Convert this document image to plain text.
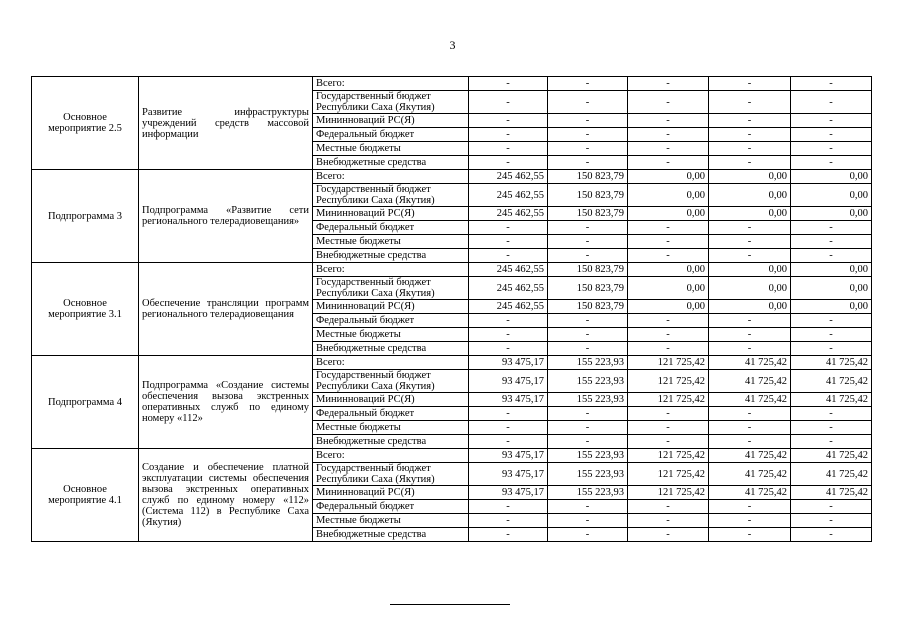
3
Основное мероприятие 2.5	Развитие инфраструктуры учреждений средств массовой информации	Всего:	-	-	-	-	-
		Государственный бюджет Республики Саха (Якутия)	-	-	-	-	-
		Мининноваций РС(Я)	-	-	-	-	-
		Федеральный бюджет	-	-	-	-	-
		Местные бюджеты	-	-	-	-	-
		Внебюджетные средства	-	-	-	-	-
Подпрограмма 3	Подпрограмма «Развитие сети регионального телерадиовещания»	Всего:	245 462,55	150 823,79	0,00	0,00	0,00
		Государственный бюджет Республики Саха (Якутия)	245 462,55	150 823,79	0,00	0,00	0,00
		Мининноваций РС(Я)	245 462,55	150 823,79	0,00	0,00	0,00
		Федеральный бюджет	-	-	-	-	-
		Местные бюджеты	-	-	-	-	-
		Внебюджетные средства	-	-	-	-	-
Основное мероприятие 3.1	Обеспечение трансляции программ регионального телерадиовещания	Всего:	245 462,55	150 823,79	0,00	0,00	0,00
		Государственный бюджет Республики Саха (Якутия)	245 462,55	150 823,79	0,00	0,00	0,00
		Мининноваций РС(Я)	245 462,55	150 823,79	0,00	0,00	0,00
		Федеральный бюджет	-	-	-	-	-
		Местные бюджеты	-	-	-	-	-
		Внебюджетные средства	-	-	-	-	-
Подпрограмма 4	Подпрограмма «Создание системы обеспечения вызова экстренных оперативных служб по единому номеру «112»	Всего:	93 475,17	155 223,93	121 725,42	41 725,42	41 725,42
		Государственный бюджет Республики Саха (Якутия)	93 475,17	155 223,93	121 725,42	41 725,42	41 725,42
		Мининноваций РС(Я)	93 475,17	155 223,93	121 725,42	41 725,42	41 725,42
		Федеральный бюджет	-	-	-	-	-
		Местные бюджеты	-	-	-	-	-
		Внебюджетные средства	-	-	-	-	-
Основное мероприятие 4.1	Создание и обеспечение платной эксплуатации системы обеспечения вызова экстренных оперативных служб по единому номеру «112» (Система 112) в Республике Саха (Якутия)	Всего:	93 475,17	155 223,93	121 725,42	41 725,42	41 725,42
		Государственный бюджет Республики Саха (Якутия)	93 475,17	155 223,93	121 725,42	41 725,42	41 725,42
		Мининноваций РС(Я)	93 475,17	155 223,93	121 725,42	41 725,42	41 725,42
		Федеральный бюджет	-	-	-	-	-
		Местные бюджеты	-	-	-	-	-
		Внебюджетные средства	-	-	-	-	-
